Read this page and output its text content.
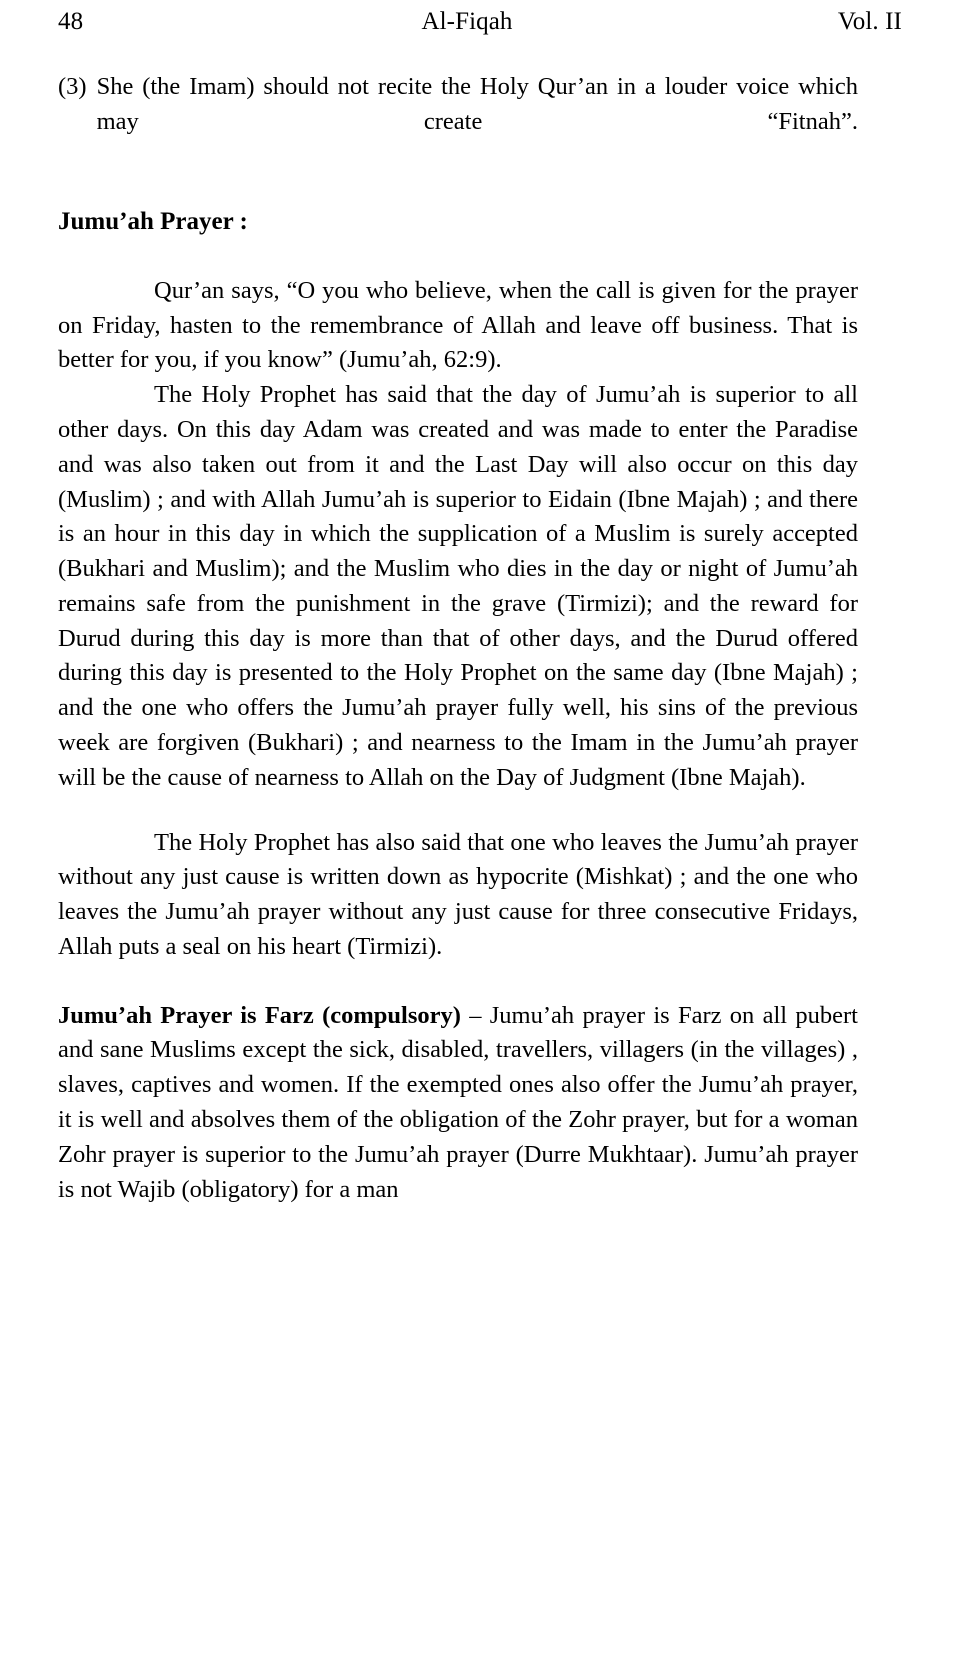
48	Al-Fiqah	Vol. II
(3) She (the Imam) should not recite the Holy Qur’an in a louder voice which may create “Fitnah”.
Jumu’ah Prayer :

Qur’an says, “O you who believe, when the call is given for the prayer on Friday, hasten to the remembrance of Allah and leave off business. That is better for you, if you know” (Jumu’ah, 62:9).

The Holy Prophet has said that the day of Jumu’ah is superior to all other days. On this day Adam was created and was made to enter the Paradise and was also taken out from it and the Last Day will also occur on this day (Muslim) ; and with Allah Jumu’ah is superior to Eidain (Ibne Majah) ; and there is an hour in this day in which the supplication of a Muslim is surely accepted (Bukhari and Muslim); and the Muslim who dies in the day or night of Jumu’ah remains safe from the punishment in the grave (Tirmizi); and the reward for Durud during this day is more than that of other days, and the Durud offered during this day is presented to the Holy Prophet on the same day (Ibne Majah) ; and the one who offers the Jumu’ah prayer fully well, his sins of the previous week are forgiven (Bukhari) ; and nearness to the Imam in the Jumu’ah prayer will be the cause of nearness to Allah on the Day of Judgment (Ibne Majah).

The Holy Prophet has also said that one who leaves the Jumu’ah prayer without any just cause is written down as hypocrite (Mishkat) ; and the one who leaves the Jumu’ah prayer without any just cause for three consecutive Fridays, Allah puts a seal on his heart (Tirmizi).

Jumu’ah Prayer is Farz (compulsory) – Jumu’ah prayer is Farz on all pubert and sane Muslims except the sick, disabled, travellers, villagers (in the villages) , slaves, captives and women. If the exempted ones also offer the Jumu’ah prayer, it is well and absolves them of the obligation of the Zohr prayer, but for a woman Zohr prayer is superior to the Jumu’ah prayer (Durre Mukhtaar). Jumu’ah prayer is not Wajib (obligatory) for a man
